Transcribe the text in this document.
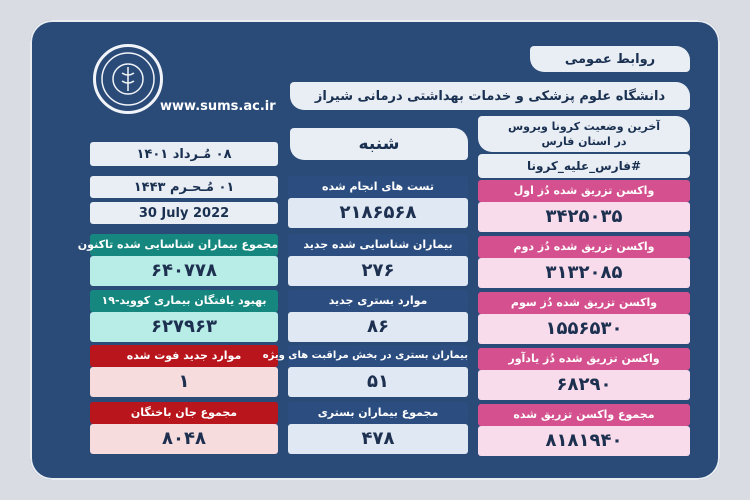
روابط عمومی
دانشگاه علوم پزشکی و خدمات بهداشتی درمانی شیراز
www.sums.ac.ir
آخرین وضعیت کرونا ویروس
در استان فارس
#فارس_علیه_کرونا
شنبه
۰۸ مُـرداد ۱۴۰۱
۰۱ مُـحـرم ۱۴۴۳
30 July 2022
مجموع بیماران شناسایی شده تاکنون
۶۴۰۷۷۸
بهبود یافتگان بیماری کووید-۱۹
۶۲۷۹۶۳
موارد جدید فوت شده
۱
مجموع جان باختگان
۸۰۴۸
تست های انجام شده
۲۱۸۶۵۶۸
بیماران شناسایی شده جدید
۲۷۶
موارد بستری جدید
۸۶
بیماران بستری در بخش مراقبت های ویژه
۵۱
مجموع بیماران بستری
۴۷۸
واکسن تزریق شده دُز اول
۳۴۲۵۰۳۵
واکسن تزریق شده دُز دوم
۳۱۳۲۰۸۵
واکسن تزریق شده دُز سوم
۱۵۵۶۵۳۰
واکسن تزریق شده دُز یادآور
۶۸۲۹۰
مجموع واکسن تزریق شده
۸۱۸۱۹۴۰
